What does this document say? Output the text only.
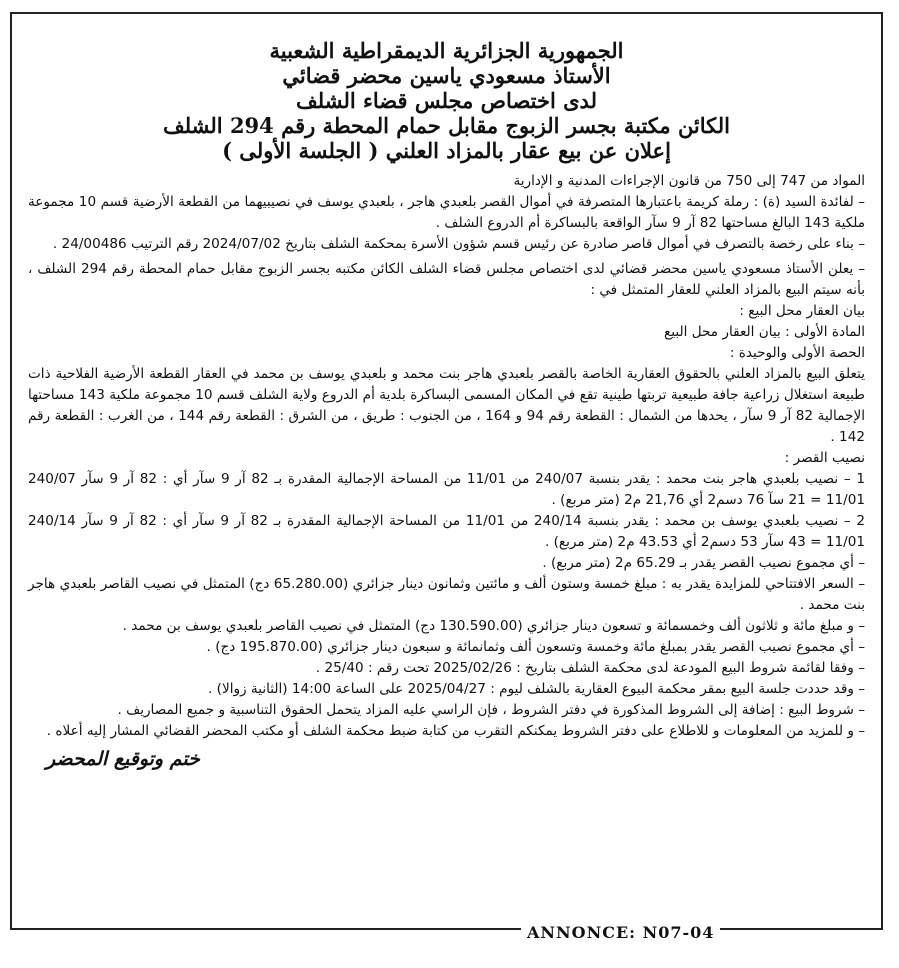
الجمهورية الجزائرية الديمقراطية الشعبية
الأستاذ مسعودي ياسين محضر قضائي
لدى اختصاص مجلس قضاء الشلف
الكائن مكتبة بجسر الزبوج مقابل حمام المحطة رقم 294 الشلف
إعلان عن بيع عقار بالمزاد العلني ( الجلسة الأولى )

المواد من 747 إلى 750 من قانون الإجراءات المدنية و الإدارية

– لفائدة السيد (ة) : رملة كريمة باعتبارها المتصرفة في أموال القصر بلعبدي هاجر ، بلعبدي يوسف في نصيبيهما من القطعة الأرضية قسم 10 مجموعة ملكية 143 البالغ مساحتها 82 آر 9 سآر الواقعة بالبساكرة أم الدروع الشلف .

– بناء على رخصة بالتصرف في أموال قاصر صادرة عن رئيس قسم شؤون الأسرة بمحكمة الشلف بتاريخ 2024/07/02 رقم الترتيب 24/00486 .

– يعلن الأستاذ مسعودي ياسين محضر قضائي لدى اختصاص مجلس قضاء الشلف الكائن مكتبه بجسر الزبوج مقابل حمام المحطة رقم 294 الشلف ، بأنه سيتم البيع بالمزاد العلني للعقار المتمثل في :

بيان العقار محل البيع :

المادة الأولى : بيان العقار محل البيع

الحصة الأولى والوحيدة :

يتعلق البيع بالمزاد العلني بالحقوق العقارية الخاصة بالقصر بلعبدي هاجر بنت محمد و بلعبدي يوسف بن محمد في العقار القطعة الأرضية الفلاحية ذات طبيعة استغلال زراعية جافة طبيعية تربتها طينية تقع في المكان المسمى البساكرة بلدية أم الدروع ولاية الشلف قسم 10 مجموعة ملكية 143 مساحتها الإجمالية 82 آر 9 سآر ، يحدها من الشمال : القطعة رقم 94 و 164 ، من الجنوب : طريق ، من الشرق : القطعة رقم 144 ، من الغرب : القطعة رقم 142 .

نصيب القصر :

1 – نصيب بلعبدي هاجر بنت محمد : يقدر بنسبة 240/07 من 11/01 من المساحة الإجمالية المقدرة بـ 82 آر 9 سآر أي : 82 آر 9 سآر 240/07 11/01 = 21 سآ 76 دسم2 أي 21,76 م2 (متر مربع) .

2 – نصيب بلعبدي يوسف بن محمد : يقدر بنسبة 240/14 من 11/01 من المساحة الإجمالية المقدرة بـ 82 آر 9 سآر أي : 82 آر 9 سآر 240/14 11/01 = 43 سآر 53 دسم2 أي 43.53 م2 (متر مربع) .

– أي مجموع نصيب القصر يقدر بـ 65.29 م2 (متر مربع) .

– السعر الافتتاحي للمزايدة يقدر به : مبلغ خمسة وستون ألف و مائتين وثمانون دينار جزائري (65.280.00 دج) المتمثل في نصيب القاصر بلعبدي هاجر بنت محمد .

– و مبلغ مائة و ثلاثون ألف وخمسمائة و تسعون دينار جزائري (130.590.00 دج) المتمثل في نصيب القاصر بلعبدي يوسف بن محمد .

– أي مجموع نصيب القصر يقدر بمبلغ مائة وخمسة وتسعون ألف وثمانمائة و سبعون دينار جزائري (195.870.00 دج) .

– وفقا لقائمة شروط البيع المودعة لدى محكمة الشلف بتاريخ : 2025/02/26 تحت رقم : 25/40 .

– وقد حددت جلسة البيع بمقر محكمة البيوع العقارية بالشلف ليوم : 2025/04/27 على الساعة 14:00 (الثانية زوالا) .

– شروط البيع : إضافة إلى الشروط المذكورة في دفتر الشروط ، فإن الراسي عليه المزاد يتحمل الحقوق التناسبية و جميع المصاريف .

– و للمزيد من المعلومات و للاطلاع على دفتر الشروط يمكنكم التقرب من كتابة ضبط محكمة الشلف أو مكتب المحضر القضائي المشار إليه أعلاه .

ختم وتوقيع المحضر
ANNONCE: N07-04
